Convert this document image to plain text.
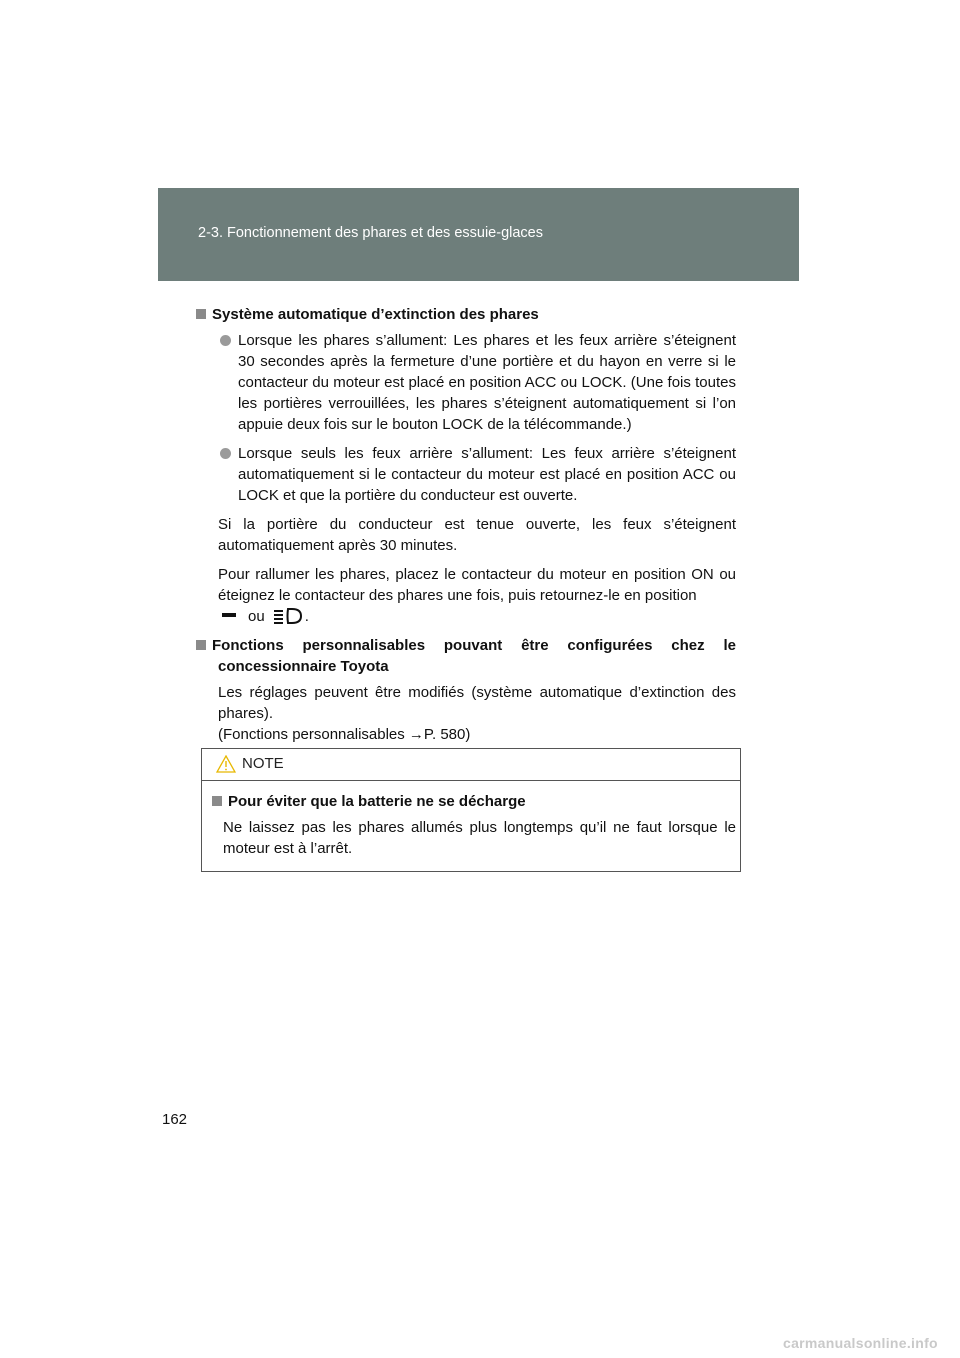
2-3. Fonctionnement des phares et des essuie-glaces

Système automatique d’extinction des phares

Lorsque les phares s’allument: Les phares et les feux arrière s’éteignent 30 secondes après la fermeture d’une portière et du hayon en verre si le contacteur du moteur est placé en position ACC ou LOCK. (Une fois toutes les portières verrouillées, les phares s’éteignent automatiquement si l’on appuie deux fois sur le bouton LOCK de la télécommande.)

Lorsque seuls les feux arrière s’allument: Les feux arrière s’éteignent automatiquement si le contacteur du moteur est placé en position ACC ou LOCK et que la portière du conducteur est ouverte.

Si la portière du conducteur est tenue ouverte, les feux s’éteignent automatiquement après 30 minutes.

Pour rallumer les phares, placez le contacteur du moteur en position ON ou éteignez le contacteur des phares une fois, puis retournez-le en position
ou	.

Fonctions personnalisables pouvant être configurées chez le concessionnaire Toyota

Les réglages peuvent être modifiés (système automatique d’extinction des phares).

(Fonctions personnalisables →P. 580)

NOTE

Pour éviter que la batterie ne se décharge

Ne laissez pas les phares allumés plus longtemps qu’il ne faut lorsque le moteur est à l’arrêt.

162
carmanualsonline.info
